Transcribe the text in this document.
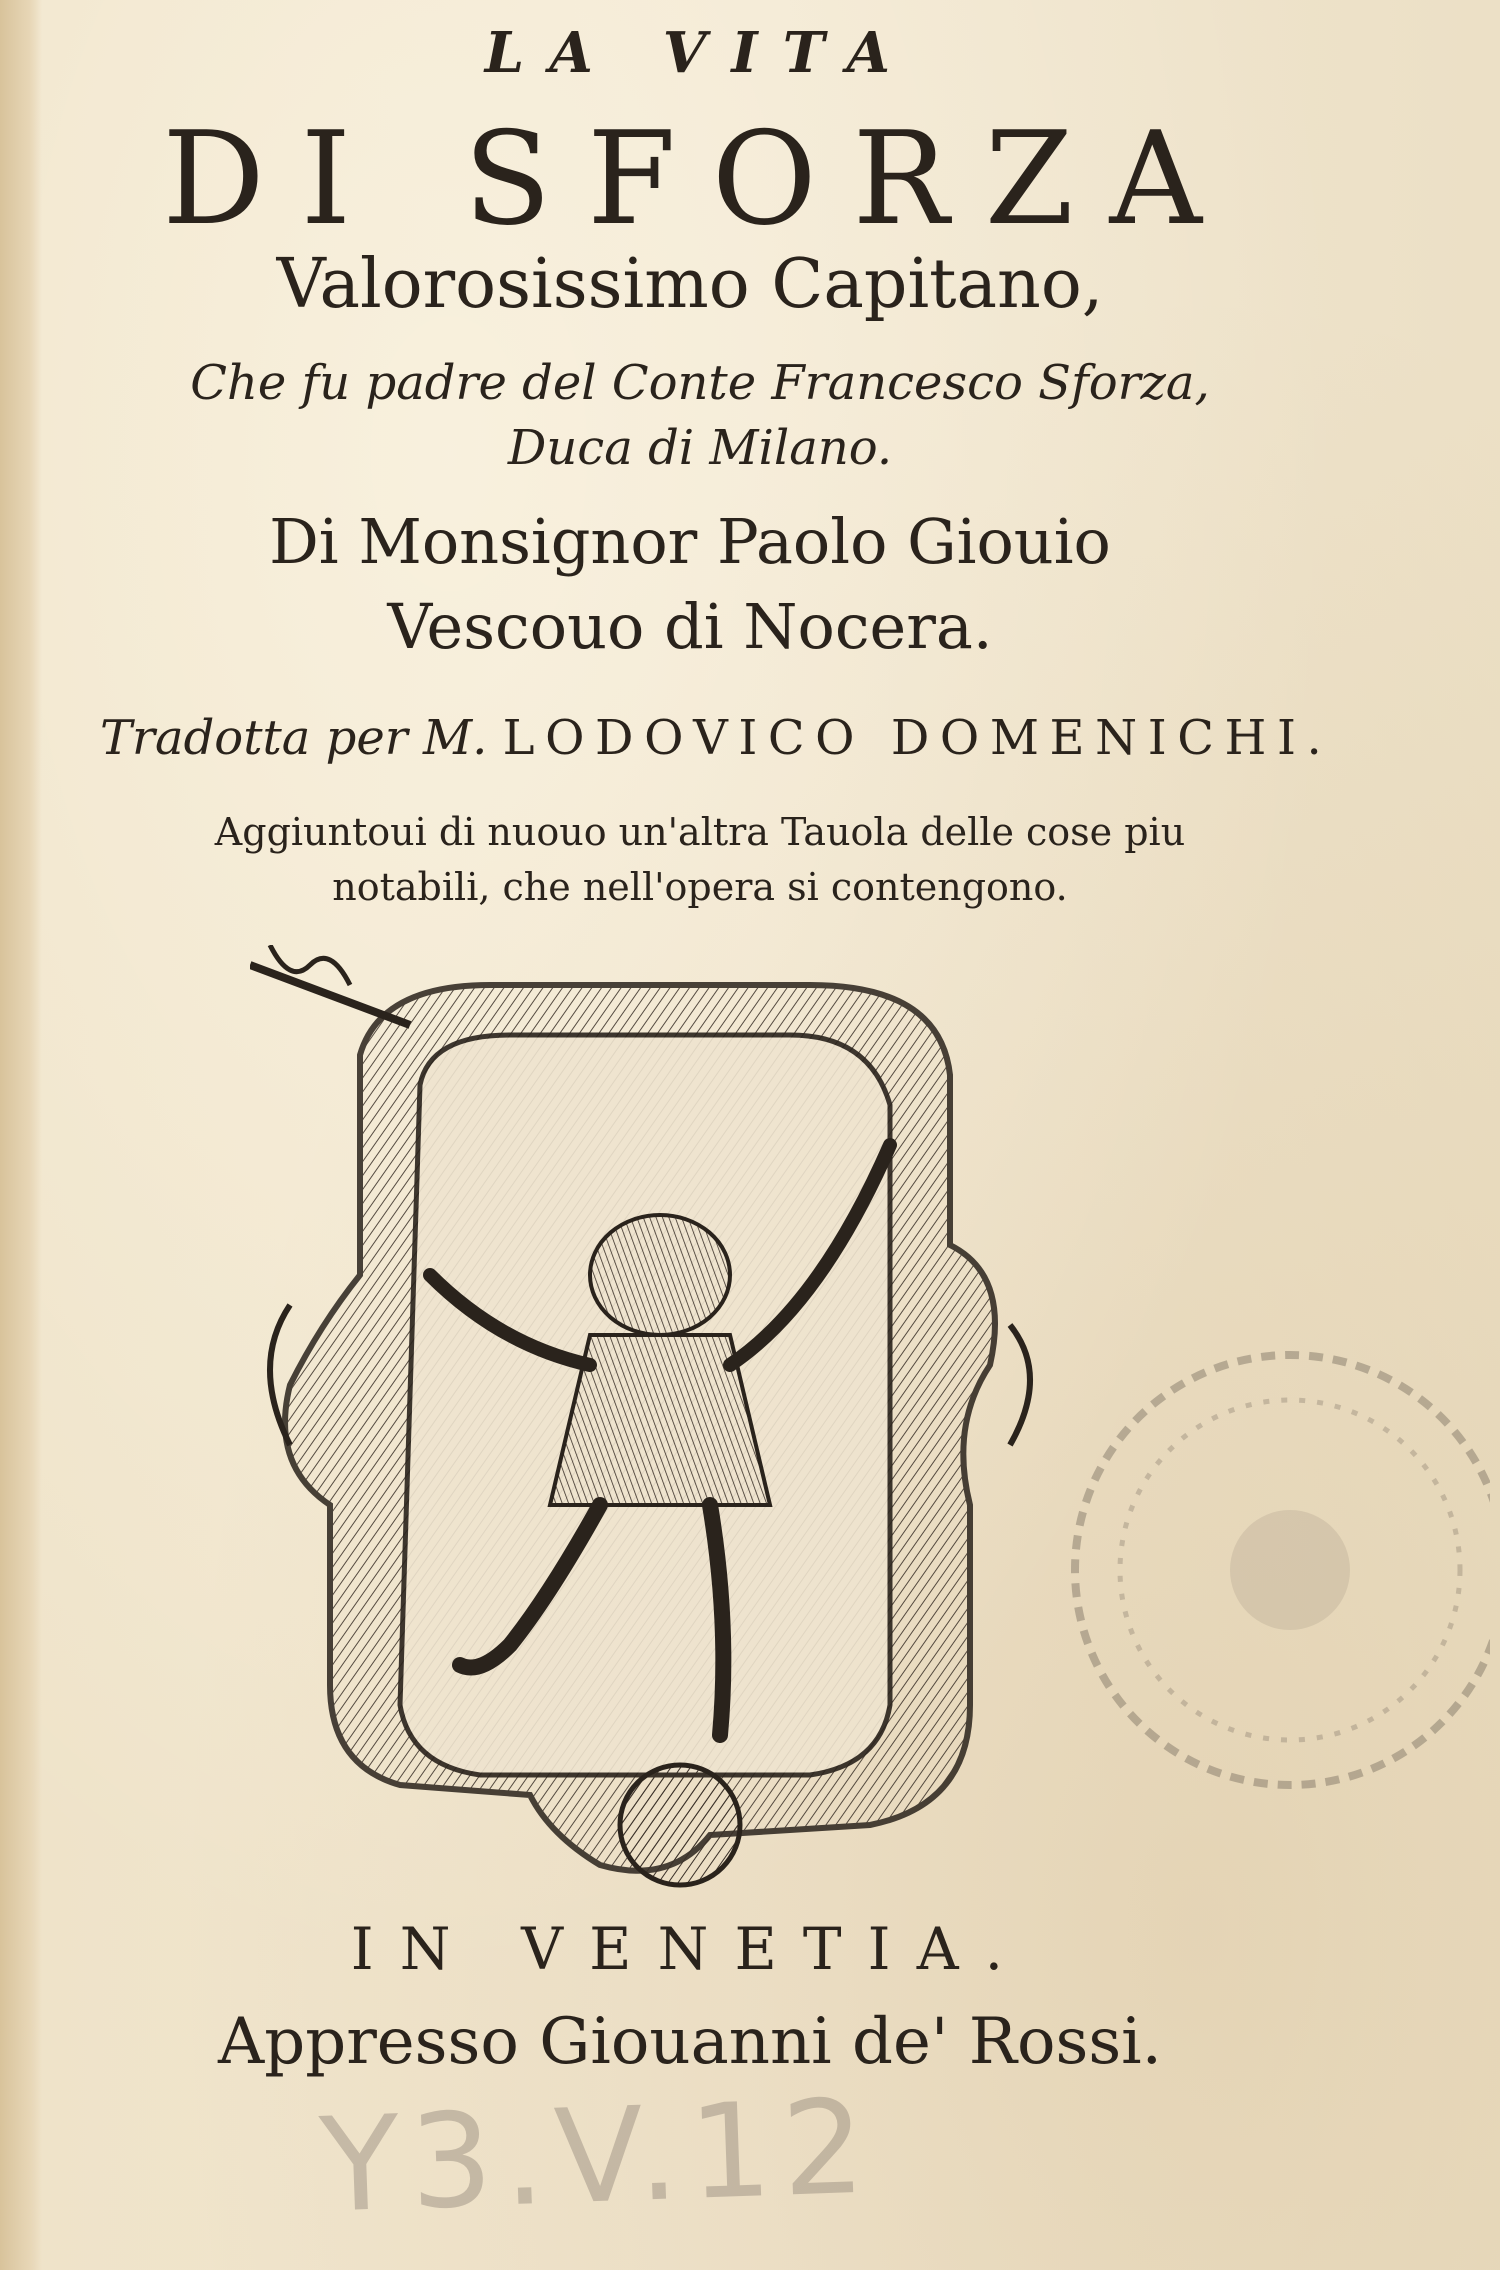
LA VITA
DI SFORZA
Valorosissimo Capitano,
Che fu padre del Conte Francesco Sforza,
Duca di Milano.
Di Monsignor Paolo Giouio
Vescouo di Nocera.
Tradotta per M. LODOVICO DOMENICHI.
Aggiuntoui di nuouo un'altra Tauola delle cose piu
notabili, che nell'opera si contengono.
IN VENETIA.
Appresso Giouanni de' Rossi.
Y3.V.12
